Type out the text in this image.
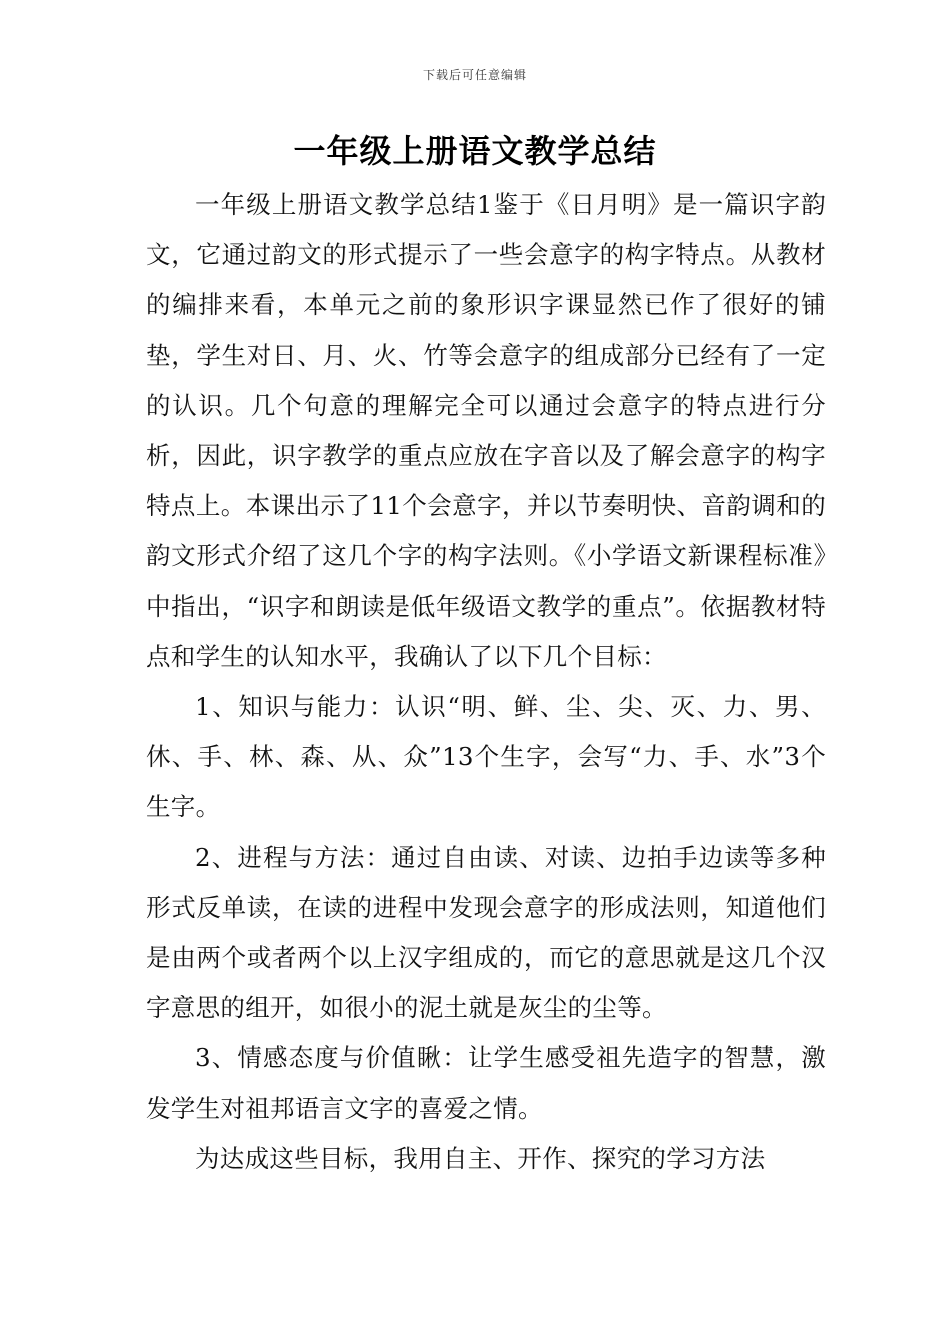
下载后可任意编辑
一年级上册语文教学总结

一年级上册语文教学总结1鉴于《日月明》是一篇识字韵文，它通过韵文的形式提示了一些会意字的构字特点。从教材的编排来看，本单元之前的象形识字课显然已作了很好的铺垫，学生对日、月、火、竹等会意字的组成部分已经有了一定的认识。几个句意的理解完全可以通过会意字的特点进行分析，因此，识字教学的重点应放在字音以及了解会意字的构字特点上。本课出示了11个会意字，并以节奏明快、音韵调和的韵文形式介绍了这几个字的构字法则。《小学语文新课程标准》中指出，“识字和朗读是低年级语文教学的重点”。依据教材特点和学生的认知水平，我确认了以下几个目标：

1、知识与能力：认识“明、鲜、尘、尖、灭、力、男、休、手、林、森、从、众”13个生字，会写“力、手、水”3个生字。

2、进程与方法：通过自由读、对读、边拍手边读等多种形式反单读，在读的进程中发现会意字的形成法则，知道他们是由两个或者两个以上汉字组成的，而它的意思就是这几个汉字意思的组开，如很小的泥土就是灰尘的尘等。

3、情感态度与价值瞅：让学生感受祖先造字的智慧，激发学生对祖邦语言文字的喜爱之情。

为达成这些目标，我用自主、开作、探究的学习方法
